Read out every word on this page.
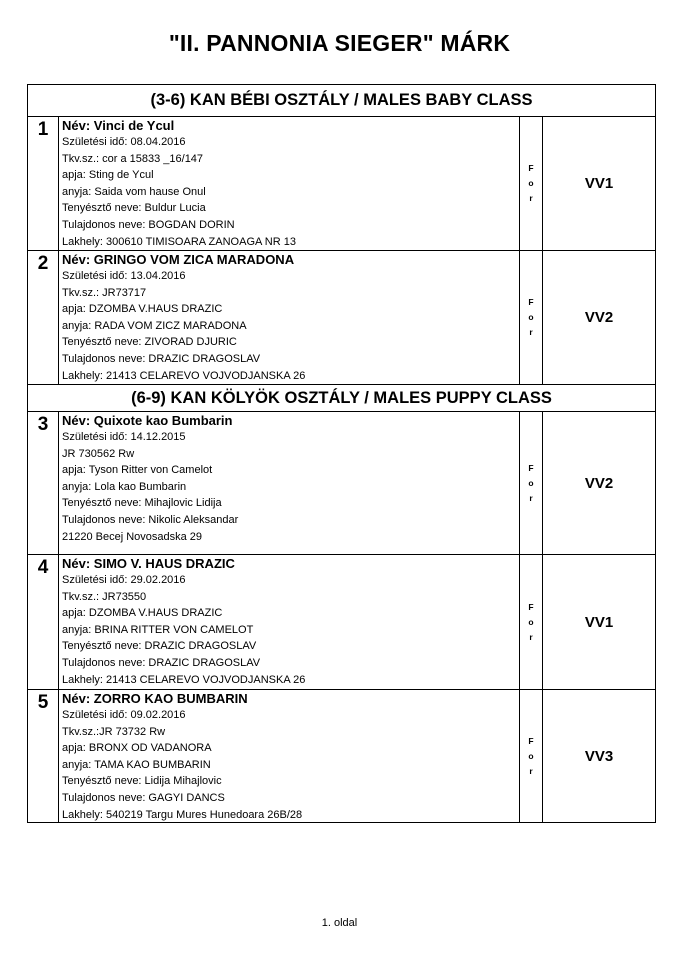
"II. PANNONIA SIEGER" MÁRK
(3-6) KAN BÉBI OSZTÁLY / MALES BABY CLASS
1	Név: Vinci de Ycul
Születési idő: 08.04.2016
Tkv.sz.: cor a 15833 _16/147
apja: Sting de Ycul
anyja: Saida vom hause Onul
Tenyésztő neve: Buldur Lucia
Tulajdonos neve: BOGDAN DORIN
Lakhely: 300610 TIMISOARA ZANOAGA NR 13
F
o
r
VV1
2	Név: GRINGO VOM ZICA MARADONA
Születési idő: 13.04.2016
Tkv.sz.: JR73717
apja: DZOMBA V.HAUS DRAZIC
anyja: RADA VOM ZICZ MARADONA
Tenyésztő neve: ZIVORAD DJURIC
Tulajdonos neve: DRAZIC DRAGOSLAV
Lakhely: 21413 CELAREVO VOJVODJANSKA 26
F
o
r
VV2
(6-9) KAN KÖLYÖK OSZTÁLY / MALES PUPPY CLASS
3	Név: Quixote kao Bumbarin
Születési idő: 14.12.2015
JR 730562 Rw
apja: Tyson Ritter von Camelot
anyja: Lola kao Bumbarin
Tenyésztő neve: Mihajlovic Lidija
Tulajdonos neve: Nikolic Aleksandar
21220 Becej Novosadska 29
F
o
r
VV2
4	Név: SIMO V. HAUS DRAZIC
Születési idő: 29.02.2016
Tkv.sz.: JR73550
apja: DZOMBA V.HAUS DRAZIC
anyja: BRINA RITTER VON CAMELOT
Tenyésztő neve: DRAZIC DRAGOSLAV
Tulajdonos neve: DRAZIC DRAGOSLAV
Lakhely: 21413 CELAREVO VOJVODJANSKA 26
F
o
r
VV1
5	Név: ZORRO KAO BUMBARIN
Születési idő: 09.02.2016
Tkv.sz.:JR 73732 Rw
apja: BRONX OD VADANORA
anyja: TAMA KAO BUMBARIN
Tenyésztő neve: Lidija Mihajlovic
Tulajdonos neve: GAGYI DANCS
Lakhely: 540219 Targu Mures Hunedoara 26B/28
F
o
r
VV3
1. oldal
